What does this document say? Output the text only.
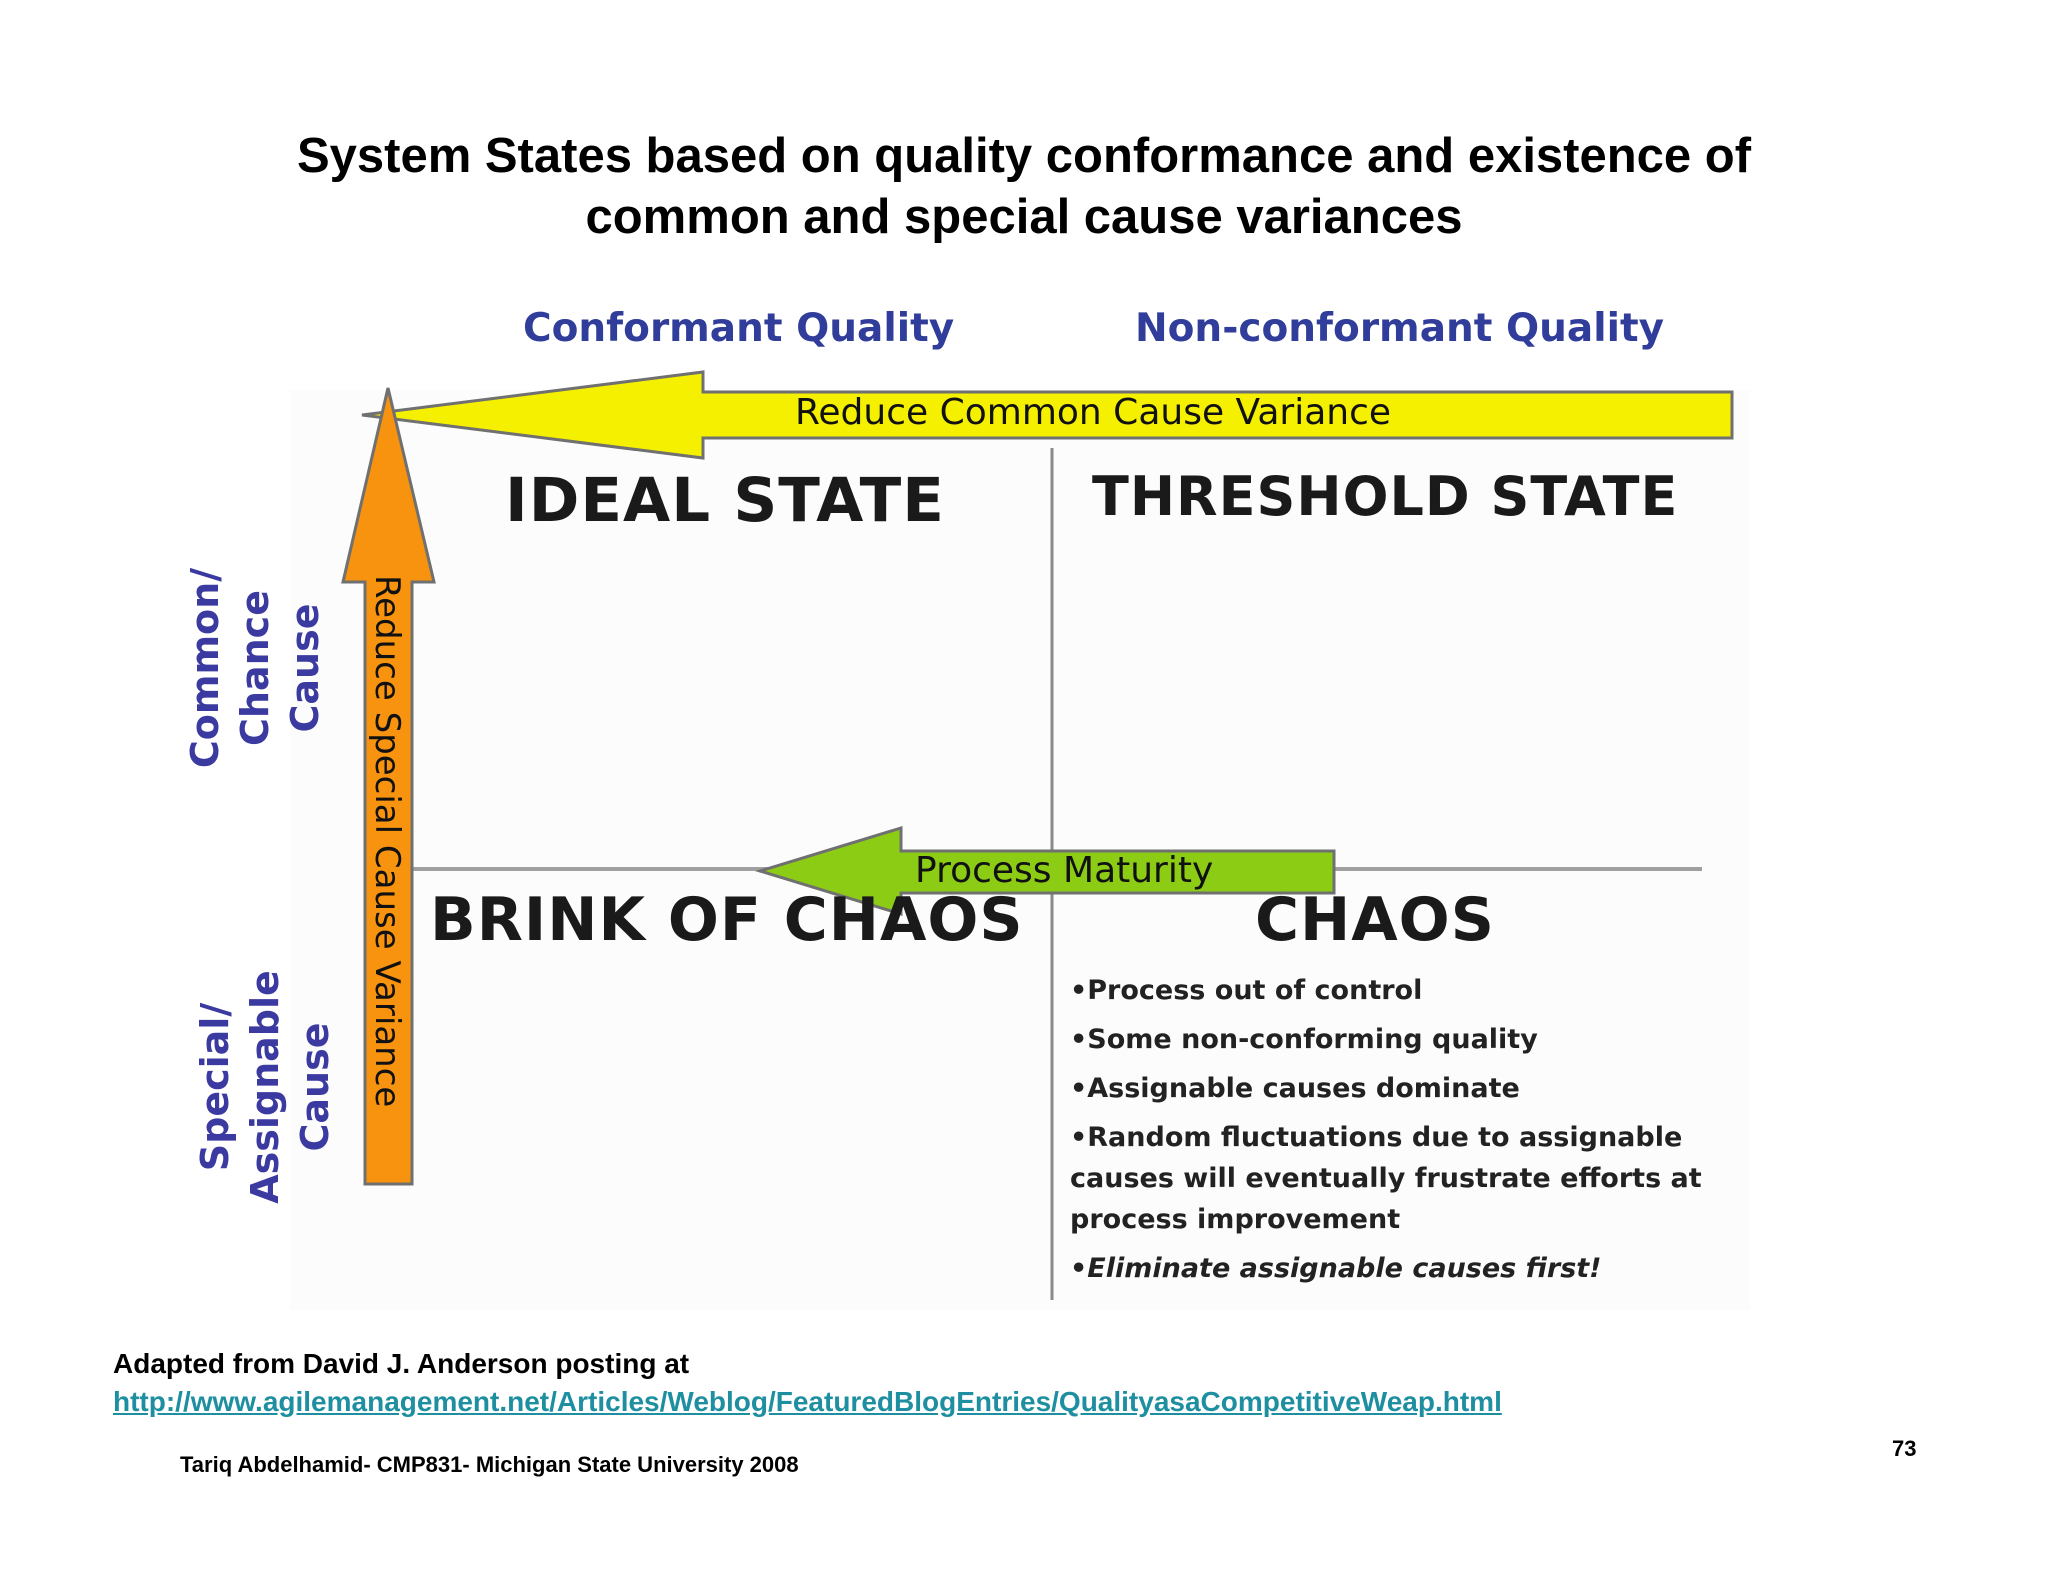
System States based on quality conformance and existence of
common and special cause variances
Conformant Quality	Non-conformant Quality
Common/ Chance Cause
Special/ Assignable Cause
Reduce Common Cause Variance
Reduce Special Cause Variance
IDEAL STATE	THRESHOLD STATE
BRINK OF CHAOS	CHAOS
Process Maturity
•Process out of control
•Some non-conforming quality
•Assignable causes dominate
•Random fluctuations due to assignable
causes will eventually frustrate efforts at
process improvement
•Eliminate assignable causes first!
Adapted from David J. Anderson posting at
http://www.agilemanagement.net/Articles/Weblog/FeaturedBlogEntries/QualityasaCompetitiveWeap.html
Tariq Abdelhamid- CMP831- Michigan State University 2008
73
